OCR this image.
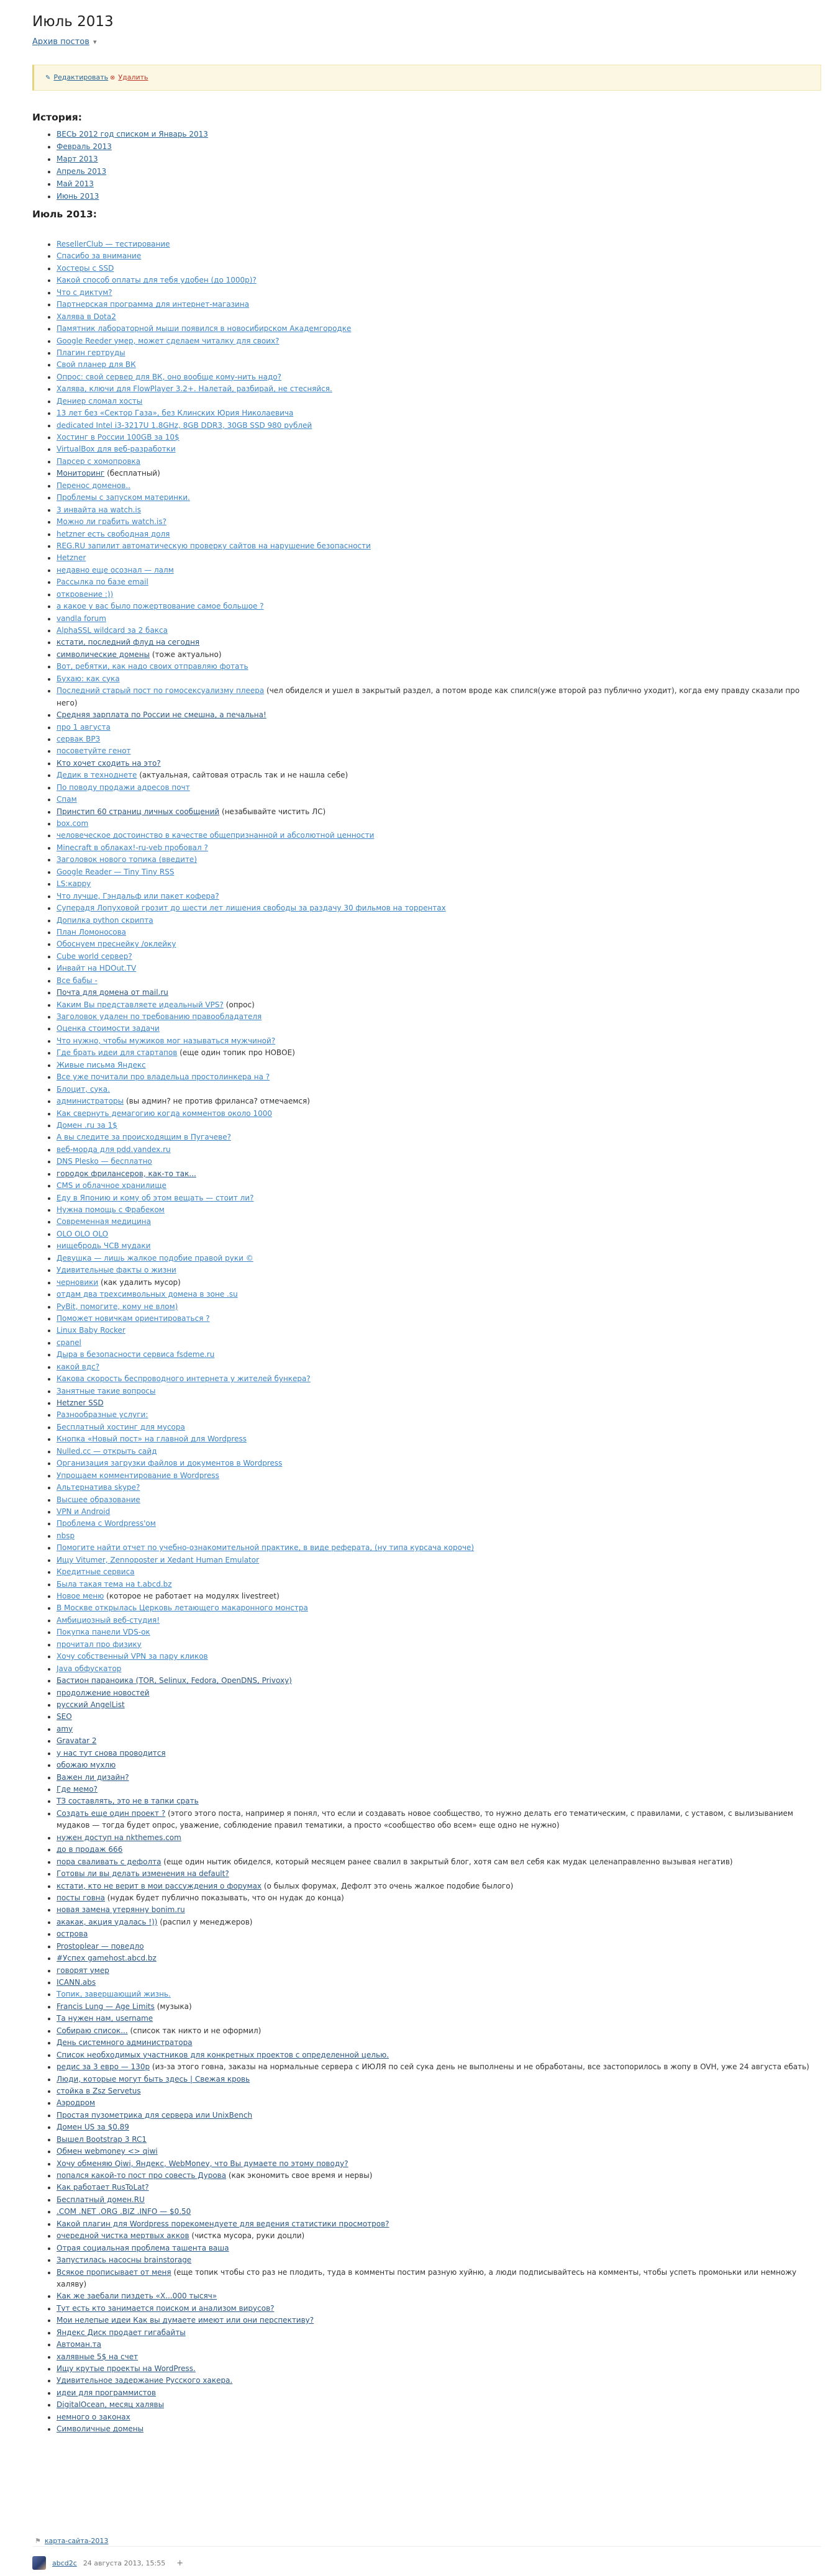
Июль 2013
Архив постов ▾
✎ Редактировать ⊗ Удалить
История:
• ВЕСЬ 2012 год списком и Январь 2013
• Февраль 2013
• Март 2013
• Апрель 2013
• Май 2013
• Июнь 2013
Июль 2013:
• ResellerClub — тестирование
• Спасибо за внимание
• Хостеры с SSD
• Какой способ оплаты для тебя удобен (до 1000р)?
• Что с диктум?
• Партнерская программа для интернет-магазина
• Халява в Dota2
• Памятник лабораторной мыши появился в новосибирском Академгородке
• Google Reeder умер, может сделаем читалку для своих?
• Плагин гертруды
• Свой планер для ВК
• Опрос: свой сервер для ВК, оно вообще кому-нить надо?
• Халява, ключи для FlowPlayer 3.2+. Налетай, разбирай, не стесняйся.
• Дениер сломал хосты
• 13 лет без «Сектор Газа», без Клинских Юрия Николаевича
• dedicated Intel i3-3217U 1.8GHz, 8GB DDR3, 30GB SSD 980 рублей
• Хостинг в России 100GB за 10$
• VirtualBox для веб-разработки
• Парсер с хомопровка
• Мониторинг (бесплатный)
• Перенос доменов..
• Проблемы с запуском материнки.
• 3 инвайта на watch.is
• Можно ли грабить watch.is?
• hetzner есть свободная доля
• REG.RU запилит автоматическую проверку сайтов на нарушение безопасности
• Hetzner
• недавно еще осознал — лалм
• Рассылка по базе email
• откровение :))
• а какое у вас было пожертвование самое большое ?
• vandla forum
• AlphaSSL wildcard за 2 бакса
• кстати, последний флуд на сегодня
• символические домены (тоже актуально)
• Вот, ребятки, как надо своих отправляю фотать
• Бухаю: как сука
• Последний старый пост по гомосексуализму плеера (чел обиделся и ушел в закрытый раздел, а потом вроде как спился(уже второй раз публично уходит), когда ему правду сказали про него)
• Средняя зарплата по России не смешна, а печальна!
• про 1 августа
• сервак ВРЗ
• посоветуйте генот
• Кто хочет сходить на это?
• Дедик в техноднете (актуальная, сайтовая отрасль так и не нашла себе)
• По поводу продажи адресов почт
• Спам
• Принстип 60 страниц личных сообщений (незабывайте чистить ЛС)
• box.com
• человеческое достоинство в качестве общепризнанной и абсолютной ценности
• Minecraft в облаках!-ru-veb пробовал ?
• Заголовок нового топика (введите)
• Google Reader — Tiny Tiny RSS
• LS:карру
• Что лучше, Гэндальф или пакет кофера?
• Суперадя Лопуховой грозит до шести лет лишения свободы за раздачу 30 фильмов на торрентах
• Допилка python скрипта
• План Ломоносова
• Обоснуем преснейку /оклейку
• Cube world сервер?
• Инвайт на HDOut.TV
• Все бабы -
• Почта для домена от mail.ru
• Каким Вы представляете идеальный VPS? (опрос)
• Заголовок удален по требованию правообладателя
• Оценка стоимости задачи
• Что нужно, чтобы мужиков мог называться мужчиной?
• Где брать идеи для стартапов (еще один топик про НОВОЕ)
• Живые письма Яндекс
• Все уже почитали про владельца простолинкера на ?
• Блоцит, сука.
• администраторы (вы админ? не против фриланса? отмечаемся)
• Как свернуть демагогию когда комментов около 1000
• Домен .ru за 1$
• А вы следите за происходящим в Пугачеве?
• веб-морда для pdd.yandex.ru
• DNS Plesko — бесплатно
• городок фрилансеров, как-то так...
• CMS и облачное хранилище
• Еду в Японию и кому об этом вещать — стоит ли?
• Нужна помощь с Фрабеком
• Современная медицина
• OLO OLO OLO
• нищебродь ЧСВ мудаки
• Девушка — лишь жалкое подобие правой руки ©
• Удивительные факты о жизни
• черновики (как удалить мусор)
• отдам два трехсимвольных домена в зоне .su
• PyBit, помогите, кому не влом)
• Поможет новичкам ориентироваться ?
• Linux Baby Rocker
• cpanel
• Дыра в безопасности сервиса fsdeme.ru
• какой вдс?
• Какова скорость беспроводного интернета у жителей бункера?
• Занятные такие вопросы
• Hetzner SSD
• Разнообразные услуги:
• Бесплатный хостинг для мусора
• Кнопка «Новый пост» на главной для Wordpress
• Nulled.cc — открыть сайд
• Организация загрузки файлов и документов в Wordpress
• Упрощаем комментирование в Wordpress
• Альтернатива skype?
• Высшее образование
• VPN и Android
• Проблема с Wordpress'ом
• nbsp
• Помогите найти отчет по учебно-ознакомительной практике, в виде реферата, (ну типа курсача короче)
• Ищу Vitumer, Zennoposter и Xedant Human Emulator
• Кредитные сервиса
• Была такая тема на t.abcd.bz
• Новое меню (которое не работает на модулях livestreet)
• В Москве открылась Церковь летающего макаронного монстра
• Амбициозный веб-студия!
• Покупка панели VDS-ок
• прочитал про физику
• Хочу собственный VPN за пару кликов
• Java обфускатор
• Бастион параноика (TOR, Selinux, Fedora, OpenDNS, Privoxy)
• продолжение новостей
• русский AngelList
• SEO
• amy
• Gravatar 2
• у нас тут снова проводится
• обожаю мухлю
• Важен ли дизайн?
• Где мемо?
• ТЗ составлять, это не в тапки срать
• Создать еще один проект ? (этого этого поста, например я понял, что если и создавать новое сообщество, то нужно делать его тематическим, с правилами, с уставом, с вылизыванием мудаков — тогда будет опрос, уважение, соблюдение правил тематики, а просто «сообщество обо всем» еще одно не нужно)
• нужен доступ на nkthemes.com
• до в продаж 666
• пора сваливать с дефолта (еще один нытик обиделся, который месяцем ранее свалил в закрытый блог, хотя сам вел себя как мудак целенаправленно вызывая негатив)
• Готовы ли вы делать изменения на default?
• кстати, кто не верит в мои рассуждения о форумах (о былых форумах, Дефолт это очень жалкое подобие былого)
• посты говна (нудак будет публично показывать, что он нудак до конца)
• новая замена утерянну bonim.ru
• акакак, акция удалась !)) (распил у менеджеров)
• острова
• Prostoplear — поведло
• #Успех gamehost.abcd.bz
• говорят умер
• ICANN.abs
• Топик, завершающий жизнь.
• Francis Lung — Age Limits (музыка)
• Та нужен нам, username
• Собираю список... (список так никто и не оформил)
• День системного администратора
• Список необходимых участников для конкретных проектов с определенной целью.
• редис за 3 евро — 130р (из-за этого говна, заказы на нормальные сервера с ИЮЛЯ по сей сука день не выполнены и не обработаны, все застопорилось в жопу в OVH, уже 24 августа ебать)
• Люди, которые могут быть здесь | Свежая кровь
• стойка в Zsz Servetus
• Аэродром
• Простая пузометрика для сервера или UnixBench
• Домен US за $0.89
• Вышел Bootstrap 3 RC1
• Обмен webmoney <> qiwi
• Хочу обменяю Qiwi, Яндекс, WebMoney, что Вы думаете по этому поводу?
• попался какой-то пост про совесть Дурова (как экономить свое время и нервы)
• Как работает RusToLat?
• Бесплатный домен.RU
• .COM .NET .ORG .BIZ .INFO — $0.50
• Какой плагин для Wordpress порекомендуете для ведения статистики просмотров?
• очередной чистка мертвых акков (чистка мусора, руки доцли)
• Отрая социальная проблема ташента ваша
• Запустилась насосны brainstorage
• Всякое прописывает от меня (еще топик чтобы сто раз не плодить, туда в комменты постим разную хуйню, а люди подписывайтесь на комменты, чтобы успеть промоньки или немножу халяву)
• Как же заебали пиздеть «Х...000 тысяч»
• Тут есть кто занимается поиском и анализом вирусов?
• Мои нелепые идеи Как вы думаете имеют или они перспективу?
• Яндекс Диск продает гигабайты
• Автоман.та
• халявные 5$ на счет
• Ищу крутые проекты на WordPress.
• Удивительное задержание Русского хакера.
• идеи для программистов
• DigitalOcean, месяц халявы
• немного о законах
• Символичные домены
⚑ карта-сайта-2013
abcd2c 24 августа 2013, 15:55 +
